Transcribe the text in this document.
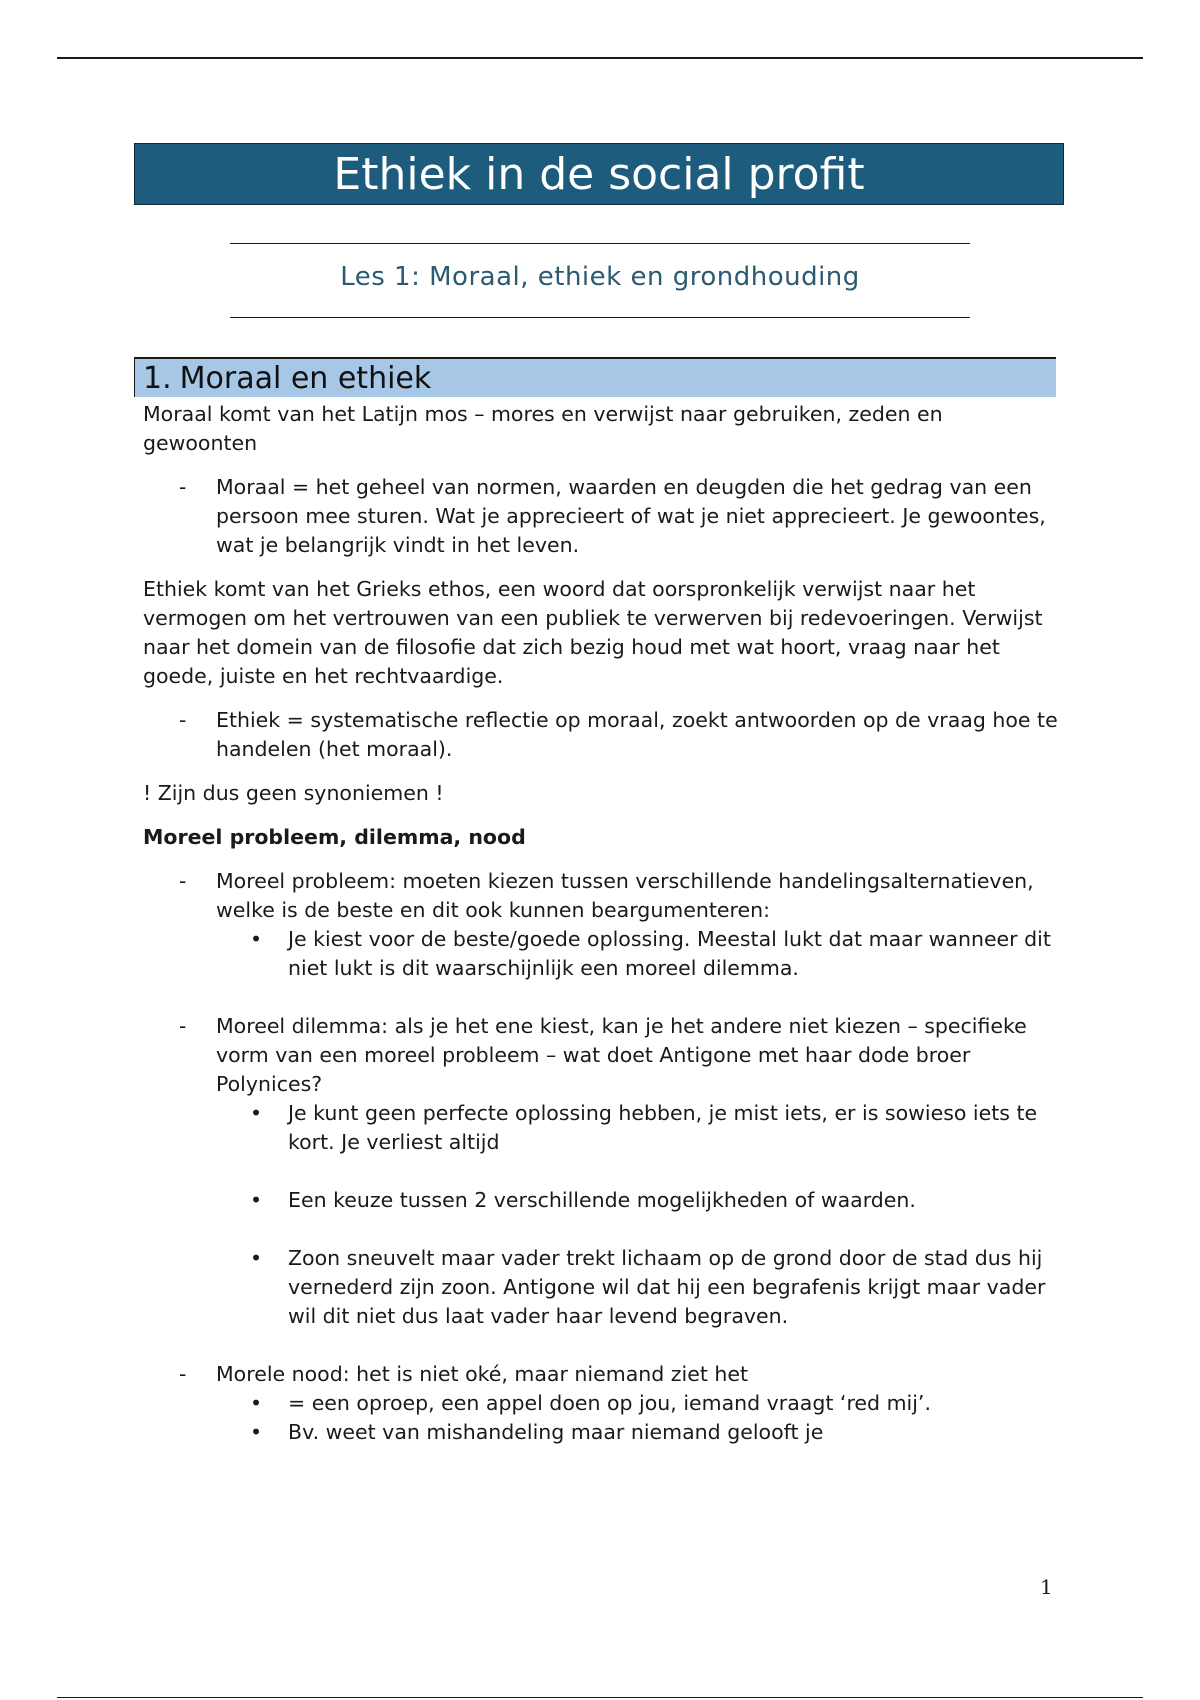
Ethiek in de social profit
Les 1: Moraal, ethiek en grondhouding
1. Moraal en ethiek

Moraal komt van het Latijn mos – mores en verwijst naar gebruiken, zeden en gewoonten

- Moraal = het geheel van normen, waarden en deugden die het gedrag van een persoon mee sturen. Wat je apprecieert of wat je niet apprecieert. Je gewoontes, wat je belangrijk vindt in het leven.

Ethiek komt van het Grieks ethos, een woord dat oorspronkelijk verwijst naar het vermogen om het vertrouwen van een publiek te verwerven bij redevoeringen. Verwijst naar het domein van de filosofie dat zich bezig houd met wat hoort, vraag naar het goede, juiste en het rechtvaardige.

- Ethiek = systematische reflectie op moraal, zoekt antwoorden op de vraag hoe te handelen (het moraal).

! Zijn dus geen synoniemen !

Moreel probleem, dilemma, nood

- Moreel probleem: moeten kiezen tussen verschillende handelingsalternatieven, welke is de beste en dit ook kunnen beargumenteren:
• Je kiest voor de beste/goede oplossing. Meestal lukt dat maar wanneer dit niet lukt is dit waarschijnlijk een moreel dilemma.
- Moreel dilemma: als je het ene kiest, kan je het andere niet kiezen – specifieke vorm van een moreel probleem – wat doet Antigone met haar dode broer Polynices?
• Je kunt geen perfecte oplossing hebben, je mist iets, er is sowieso iets te kort. Je verliest altijd
• Een keuze tussen 2 verschillende mogelijkheden of waarden.
• Zoon sneuvelt maar vader trekt lichaam op de grond door de stad dus hij vernederd zijn zoon. Antigone wil dat hij een begrafenis krijgt maar vader wil dit niet dus laat vader haar levend begraven.
- Morele nood: het is niet oké, maar niemand ziet het
• = een oproep, een appel doen op jou, iemand vraagt ‘red mij’.
• Bv. weet van mishandeling maar niemand gelooft je
1
